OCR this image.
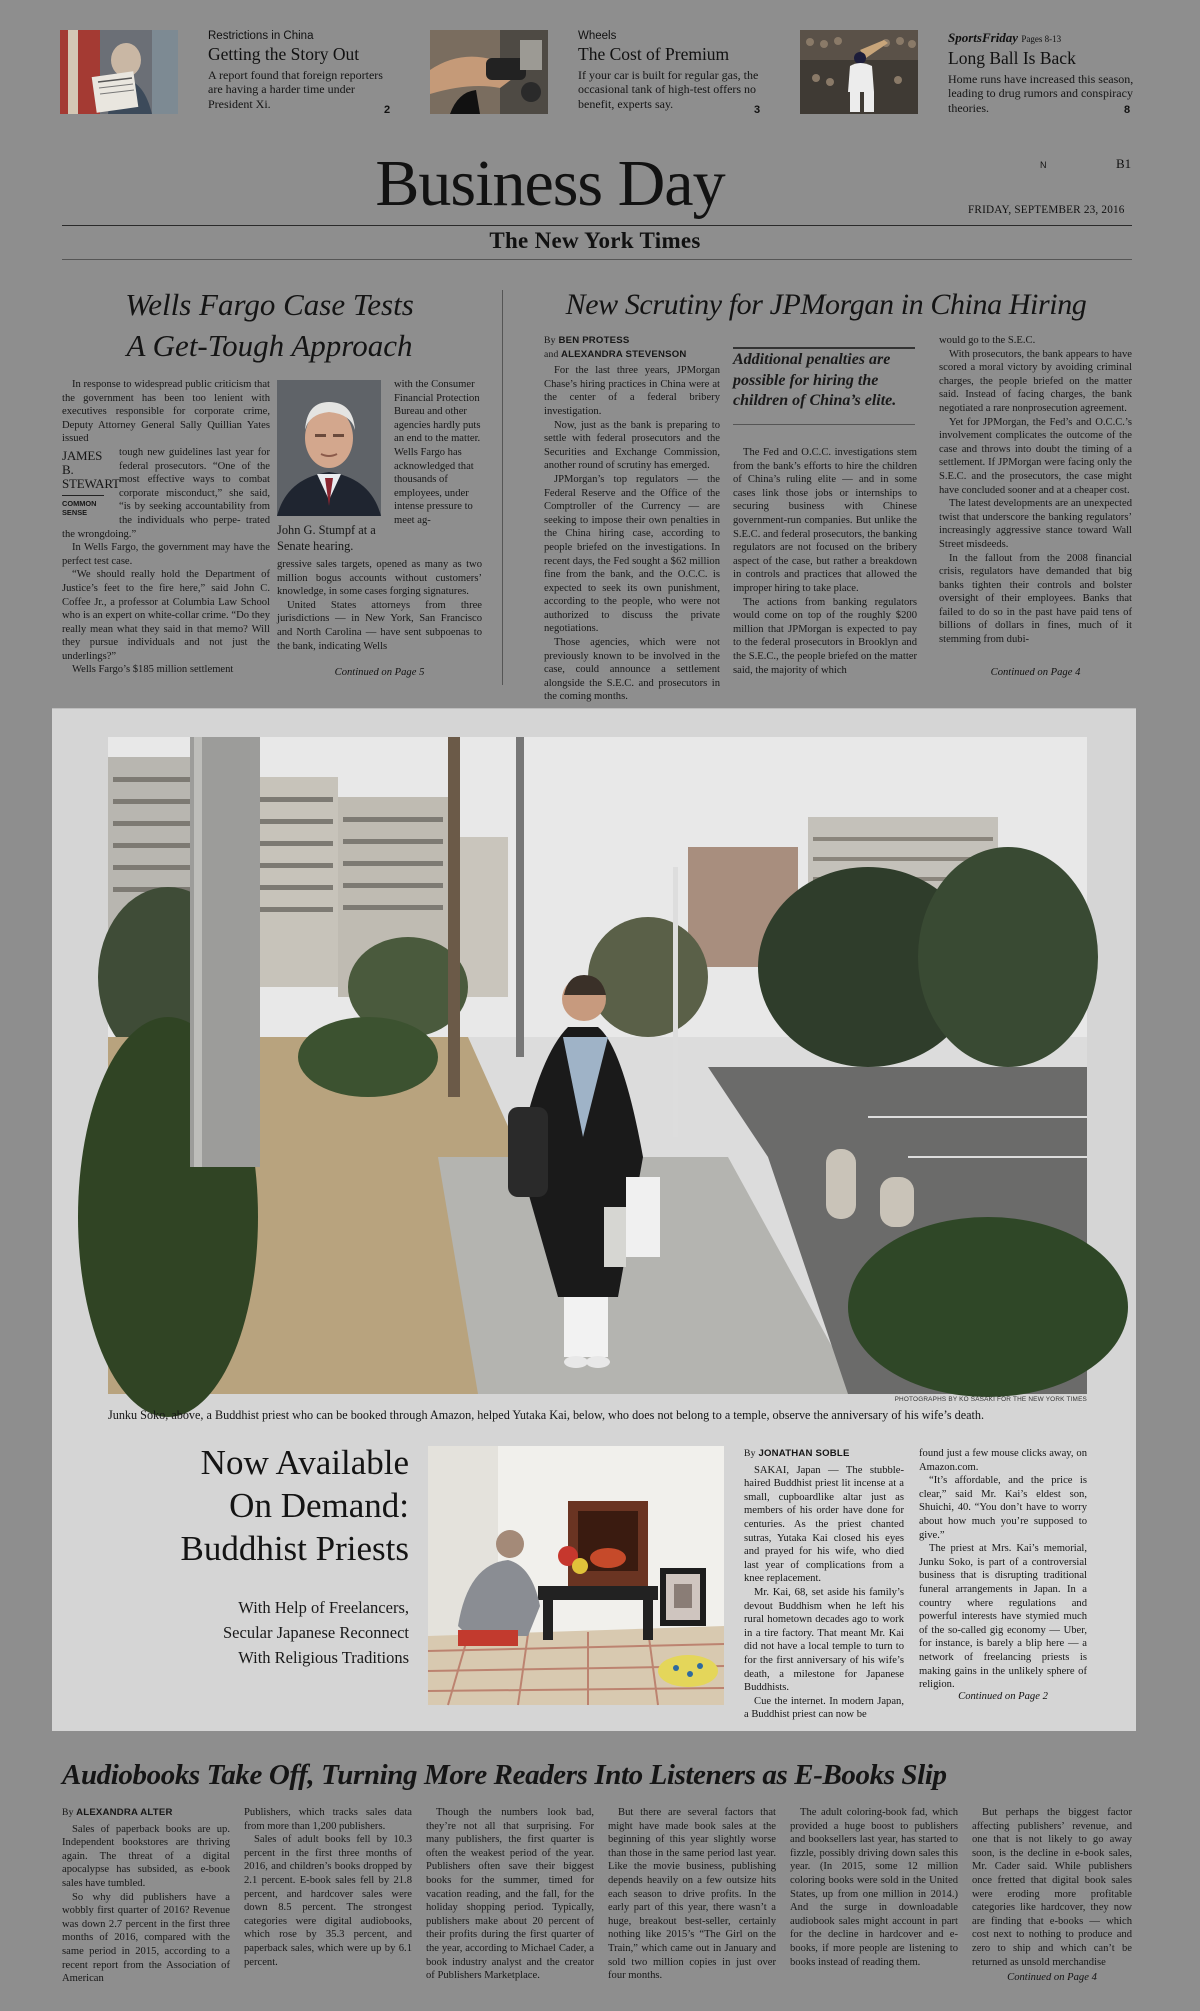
Restrictions in China
Getting the Story Out
A report found that foreign reporters are having a harder time under President Xi.	2
Wheels
The Cost of Premium
If your car is built for regular gas, the occasional tank of high-test offers no benefit, experts say.	3
SportsFriday Pages 8-13
Long Ball Is Back
Home runs have increased this season, leading to drug rumors and conspiracy theories.	8
Business Day	N	B1
FRIDAY, SEPTEMBER 23, 2016
The New York Times
Wells Fargo Case Tests
A Get-Tough Approach

In response to widespread public criticism that the government has been too lenient with executives responsible for corporate crime, Deputy Attorney General Sally Quillian Yates issued

JAMES B.
STEWART
COMMON
SENSE

tough new guidelines last year for federal prosecutors. “One of the most effective ways to combat corporate misconduct,” she said, “is by seeking accountability from the individuals who perpe- trated the wrongdoing.”

In Wells Fargo, the government may have the perfect test case.

“We should really hold the Department of Justice’s feet to the fire here,” said John C. Coffee Jr., a professor at Columbia Law School who is an expert on white-collar crime. “Do they really mean what they said in that memo? Will they pursue individuals and not just the underlings?”

Wells Fargo’s $185 million settlement

John G. Stumpf at a Senate hearing.
with the Consumer Financial Protection Bureau and other agencies hardly puts an end to the matter. Wells Fargo has acknowledged that thousands of employees, under intense pressure to meet ag-

gressive sales targets, opened as many as two million bogus accounts without customers’ knowledge, in some cases forging signatures.

United States attorneys from three jurisdictions — in New York, San Francisco and North Carolina — have sent subpoenas to the bank, indicating Wells

Continued on Page 5
New Scrutiny for JPMorgan in China Hiring
By BEN PROTESS
and ALEXANDRA STEVENSON

For the last three years, JPMorgan Chase’s hiring practices in China were at the center of a federal bribery investigation.

Now, just as the bank is preparing to settle with federal prosecutors and the Securities and Exchange Commission, another round of scrutiny has emerged.

JPMorgan’s top regulators — the Federal Reserve and the Office of the Comptroller of the Currency — are seeking to impose their own penalties in the China hiring case, according to people briefed on the investigations. In recent days, the Fed sought a $62 million fine from the bank, and the O.C.C. is expected to seek its own punishment, according to the people, who were not authorized to discuss the private negotiations.

Those agencies, which were not previously known to be involved in the case, could announce a settlement alongside the S.E.C. and prosecutors in the coming months.

Additional penalties are possible for hiring the children of China’s elite.

The Fed and O.C.C. investigations stem from the bank’s efforts to hire the children of China’s ruling elite — and in some cases link those jobs or internships to securing business with Chinese government-run companies. But unlike the S.E.C. and federal prosecutors, the banking regulators are not focused on the bribery aspect of the case, but rather a breakdown in controls and practices that allowed the improper hiring to take place.

The actions from banking regulators would come on top of the roughly $200 million that JPMorgan is expected to pay to the federal prosecutors in Brooklyn and the S.E.C., the people briefed on the matter said, the majority of which

would go to the S.E.C.

With prosecutors, the bank appears to have scored a moral victory by avoiding criminal charges, the people briefed on the matter said. Instead of facing charges, the bank negotiated a rare nonprosecution agreement.

Yet for JPMorgan, the Fed’s and O.C.C.’s involvement complicates the outcome of the case and throws into doubt the timing of a settlement. If JPMorgan were facing only the S.E.C. and the prosecutors, the case might have concluded sooner and at a cheaper cost.

The latest developments are an unexpected twist that underscore the banking regulators’ increasingly aggressive stance toward Wall Street misdeeds.

In the fallout from the 2008 financial crisis, regulators have demanded that big banks tighten their controls and bolster oversight of their employees. Banks that failed to do so in the past have paid tens of billions of dollars in fines, much of it stemming from dubi-

Continued on Page 4
PHOTOGRAPHS BY KO SASAKI FOR THE NEW YORK TIMES
Junku Soko, above, a Buddhist priest who can be booked through Amazon, helped Yutaka Kai, below, who does not belong to a temple, observe the anniversary of his wife’s death.
Now Available
On Demand:
Buddhist Priests
With Help of Freelancers,
Secular Japanese Reconnect
With Religious Traditions
By JONATHAN SOBLE

SAKAI, Japan — The stubble-haired Buddhist priest lit incense at a small, cupboardlike altar just as members of his order have done for centuries. As the priest chanted sutras, Yutaka Kai closed his eyes and prayed for his wife, who died last year of complications from a knee replacement.

Mr. Kai, 68, set aside his family’s devout Buddhism when he left his rural hometown decades ago to work in a tire factory. That meant Mr. Kai did not have a local temple to turn to for the first anniversary of his wife’s death, a milestone for Japanese Buddhists.

Cue the internet. In modern Japan, a Buddhist priest can now be

found just a few mouse clicks away, on Amazon.com.

“It’s affordable, and the price is clear,” said Mr. Kai’s eldest son, Shuichi, 40. “You don’t have to worry about how much you’re supposed to give.”

The priest at Mrs. Kai’s memorial, Junku Soko, is part of a controversial business that is disrupting traditional funeral arrangements in Japan. In a country where regulations and powerful interests have stymied much of the so-called gig economy — Uber, for instance, is barely a blip here — a network of freelancing priests is making gains in the unlikely sphere of religion.

Continued on Page 2
Audiobooks Take Off, Turning More Readers Into Listeners as E-Books Slip
By ALEXANDRA ALTER

Sales of paperback books are up. Independent bookstores are thriving again. The threat of a digital apocalypse has subsided, as e-book sales have tumbled.

So why did publishers have a wobbly first quarter of 2016? Revenue was down 2.7 percent in the first three months of 2016, compared with the same period in 2015, according to a recent report from the Association of American

Publishers, which tracks sales data from more than 1,200 publishers.

Sales of adult books fell by 10.3 percent in the first three months of 2016, and children’s books dropped by 2.1 percent. E-book sales fell by 21.8 percent, and hardcover sales were down 8.5 percent. The strongest categories were digital audiobooks, which rose by 35.3 percent, and paperback sales, which were up by 6.1 percent.

Though the numbers look bad, they’re not all that surprising. For many publishers, the first quarter is often the weakest period of the year. Publishers often save their biggest books for the summer, timed for vacation reading, and the fall, for the holiday shopping period. Typically, publishers make about 20 percent of their profits during the first quarter of the year, according to Michael Cader, a book industry analyst and the creator of Publishers Marketplace.

But there are several factors that might have made book sales at the beginning of this year slightly worse than those in the same period last year. Like the movie business, publishing depends heavily on a few outsize hits each season to drive profits. In the early part of this year, there wasn’t a huge, breakout best-seller, certainly nothing like 2015’s “The Girl on the Train,” which came out in January and sold two million copies in just over four months.

The adult coloring-book fad, which provided a huge boost to publishers and booksellers last year, has started to fizzle, possibly driving down sales this year. (In 2015, some 12 million coloring books were sold in the United States, up from one million in 2014.) And the surge in downloadable audiobook sales might account in part for the decline in hardcover and e-books, if more people are listening to books instead of reading them.

But perhaps the biggest factor affecting publishers’ revenue, and one that is not likely to go away soon, is the decline in e-book sales, Mr. Cader said. While publishers once fretted that digital book sales were eroding more profitable categories like hardcover, they now are finding that e-books — which cost next to nothing to produce and zero to ship and which can’t be returned as unsold merchandise

Continued on Page 4
